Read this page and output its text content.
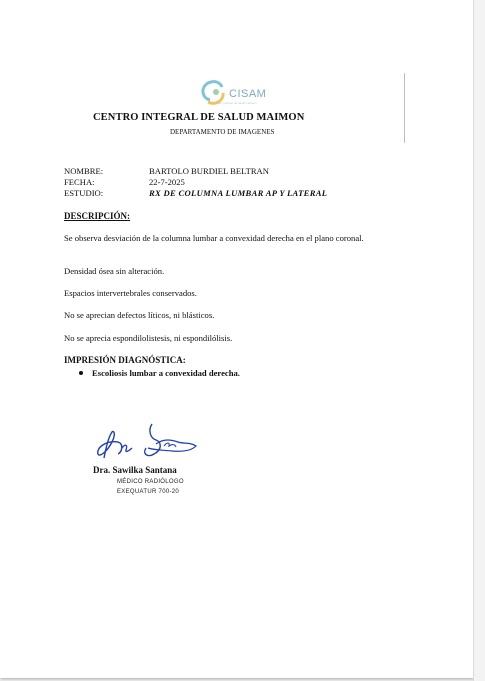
CISAM
centro integral de salud maimon
CENTRO INTEGRAL DE SALUD MAIMON
DEPARTAMENTO DE IMAGENES
NOMBRE:	BARTOLO BURDIEL BELTRAN
FECHA:	22-7-2025
ESTUDIO:	RX DE COLUMNA LUMBAR AP Y LATERAL
DESCRIPCIÓN:
Se observa desviación de la columna lumbar a convexidad derecha en el plano coronal.
Densidad ósea sin alteración.
Espacios intervertebrales conservados.
No se aprecian defectos líticos, ni blásticos.
No se aprecia espondilolistesis, ni espondilólisis.
IMPRESIÓN DIAGNÓSTICA:
Escoliosis lumbar a convexidad derecha.
Dra. Sawilka Santana
MÉDICO RADIÓLOGO
EXEQUATUR 700-20
